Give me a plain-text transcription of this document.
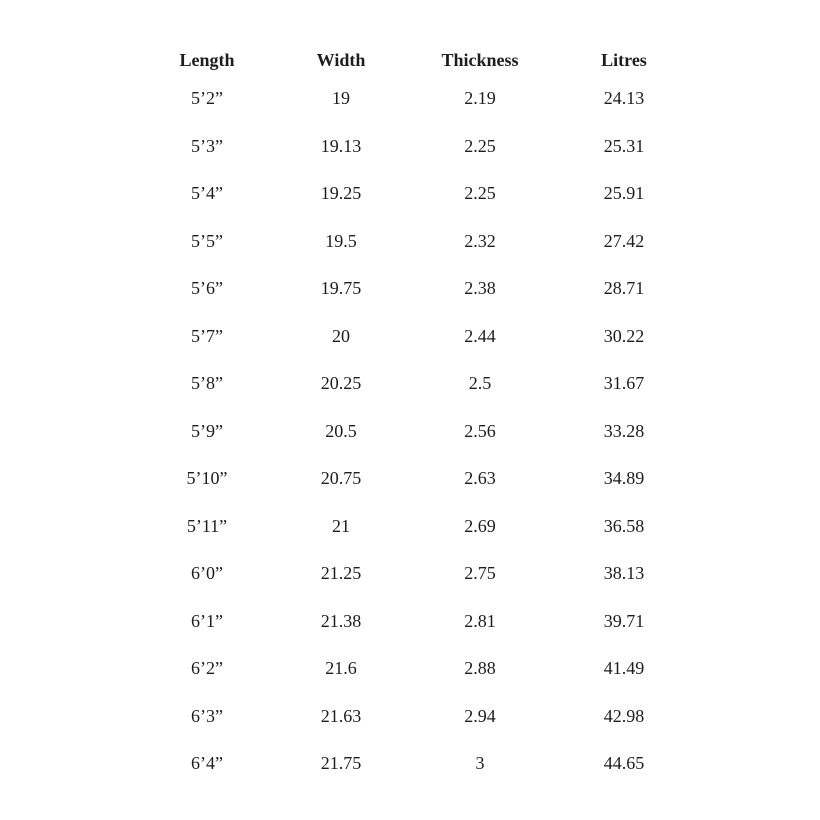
Length	Width	Thickness	Litres
5’2”	19	2.19	24.13
5’3”	19.13	2.25	25.31
5’4”	19.25	2.25	25.91
5’5”	19.5	2.32	27.42
5’6”	19.75	2.38	28.71
5’7”	20	2.44	30.22
5’8”	20.25	2.5	31.67
5’9”	20.5	2.56	33.28
5’10”	20.75	2.63	34.89
5’11”	21	2.69	36.58
6’0”	21.25	2.75	38.13
6’1”	21.38	2.81	39.71
6’2”	21.6	2.88	41.49
6’3”	21.63	2.94	42.98
6’4”	21.75	3	44.65
